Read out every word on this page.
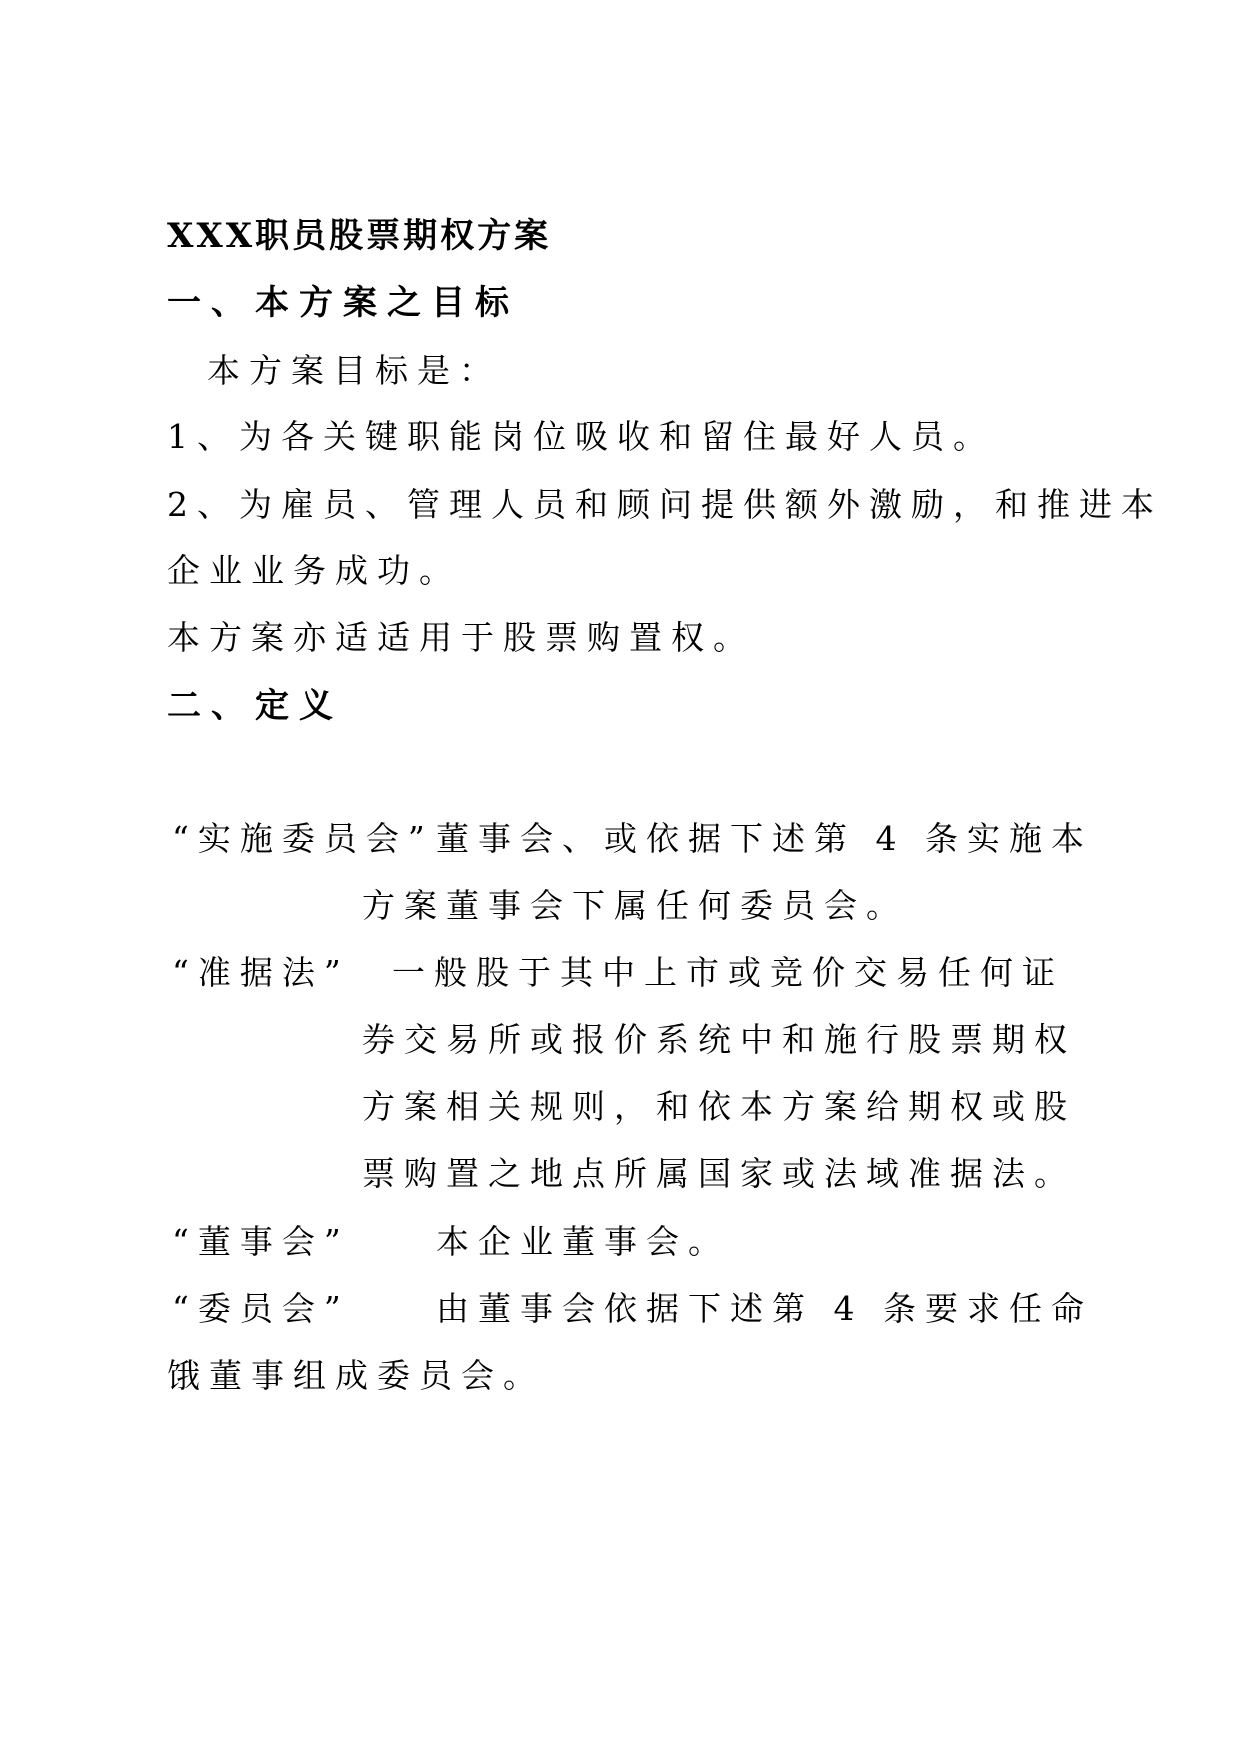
XXX职员股票期权方案
一、本方案之目标
本方案目标是：
1、为各关键职能岗位吸收和留住最好人员。
2、为雇员、管理人员和顾问提供额外激励，和推进本
企业业务成功。
本方案亦适适用于股票购置权。
二、定义
“实施委员会” 董事会、或依据下述第 4 条实施本
方案董事会下属任何委员会。
“准据法” 一般股于其中上市或竞价交易任何证
券交易所或报价系统中和施行股票期权
方案相关规则，和依本方案给期权或股
票购置之地点所属国家或法域准据法。
“董事会”	本企业董事会。
“委员会”	由董事会依据下述第 4 条要求任命
饿董事组成委员会。
